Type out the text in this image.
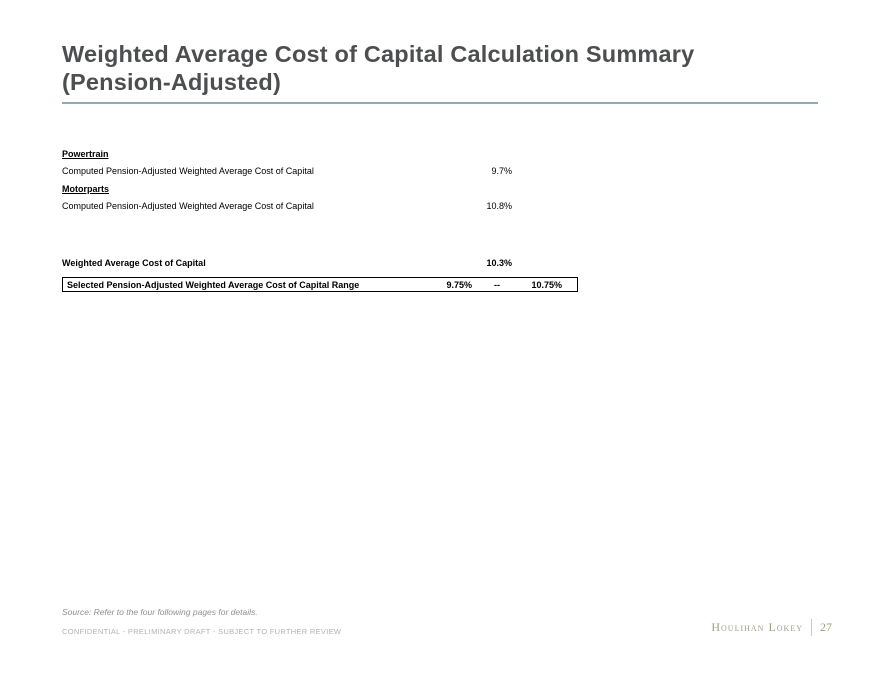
Weighted Average Cost of Capital Calculation Summary
(Pension-Adjusted)
Powertrain
Computed Pension-Adjusted Weighted Average Cost of Capital	9.7%
Motorparts
Computed Pension-Adjusted Weighted Average Cost of Capital	10.8%
Weighted Average Cost of Capital	10.3%
Selected Pension-Adjusted Weighted Average Cost of Capital Range	9.75%	--	10.75%
Source: Refer to the four following pages for details.
CONFIDENTIAL - PRELIMINARY DRAFT - SUBJECT TO FURTHER REVIEW	Houlihan Lokey 27
